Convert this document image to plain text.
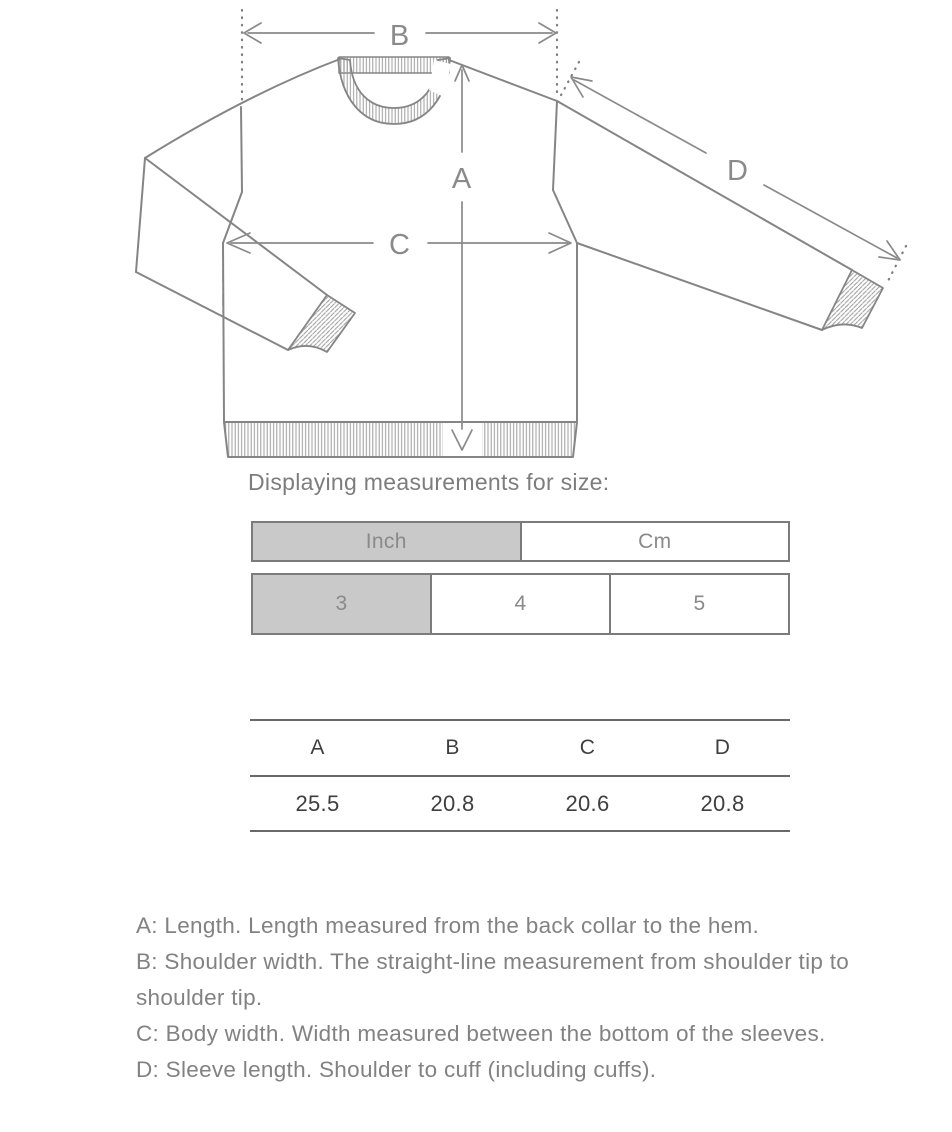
B
A
C
D
Displaying measurements for size:
Inch	Cm
3	4	5
A	B	C	D
25.5	20.8	20.6	20.8

A: Length. Length measured from the back collar to the hem.

B: Shoulder width. The straight-line measurement from shoulder tip to shoulder tip.

C: Body width. Width measured between the bottom of the sleeves.

D: Sleeve length. Shoulder to cuff (including cuffs).
